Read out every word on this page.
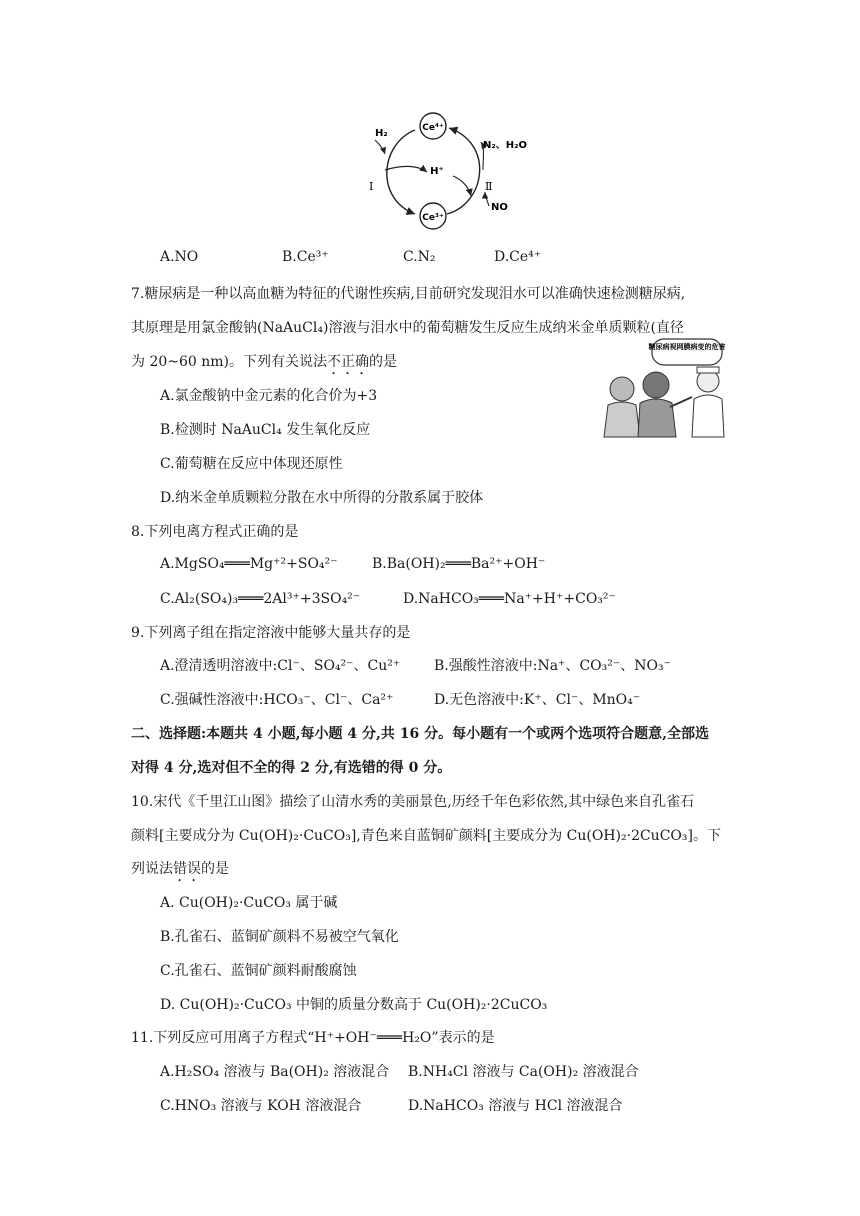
Ce⁴⁺
Ce³⁺
H⁺
H₂
Ⅰ	Ⅱ
N₂、H₂O
NO
A.NO	B.Ce³⁺	C.N₂	D.Ce⁴⁺
7.糖尿病是一种以高血糖为特征的代谢性疾病,目前研究发现泪水可以准确快速检测糖尿病,
其原理是用氯金酸钠(NaAuCl₄)溶液与泪水中的葡萄糖发生反应生成纳米金单质颗粒(直径
为 20~60 nm)。下列有关说法不正确的是
A.氯金酸钠中金元素的化合价为+3
B.检测时 NaAuCl₄ 发生氧化反应
C.葡萄糖在反应中体现还原性
D.纳米金单质颗粒分散在水中所得的分散系属于胶体
糖尿病视网膜病变的危害
8.下列电离方程式正确的是
A.MgSO₄═══Mg⁺²+SO₄²⁻ B.Ba(OH)₂═══Ba²⁺+OH⁻
C.Al₂(SO₄)₃═══2Al³⁺+3SO₄²⁻	D.NaHCO₃═══Na⁺+H⁺+CO₃²⁻
9.下列离子组在指定溶液中能够大量共存的是
A.澄清透明溶液中:Cl⁻、SO₄²⁻、Cu²⁺ B.强酸性溶液中:Na⁺、CO₃²⁻、NO₃⁻
C.强碱性溶液中:HCO₃⁻、Cl⁻、Ca²⁺	D.无色溶液中:K⁺、Cl⁻、MnO₄⁻
二、选择题:本题共 4 小题,每小题 4 分,共 16 分。每小题有一个或两个选项符合题意,全部选
对得 4 分,选对但不全的得 2 分,有选错的得 0 分。
10.宋代《千里江山图》描绘了山清水秀的美丽景色,历经千年色彩依然,其中绿色来自孔雀石
颜料[主要成分为 Cu(OH)₂·CuCO₃],青色来自蓝铜矿颜料[主要成分为 Cu(OH)₂·2CuCO₃]。下
列说法错误的是
A. Cu(OH)₂·CuCO₃ 属于碱
B.孔雀石、蓝铜矿颜料不易被空气氧化
C.孔雀石、蓝铜矿颜料耐酸腐蚀
D. Cu(OH)₂·CuCO₃ 中铜的质量分数高于 Cu(OH)₂·2CuCO₃
11.下列反应可用离子方程式“H⁺+OH⁻═══H₂O”表示的是
A.H₂SO₄ 溶液与 Ba(OH)₂ 溶液混合 B.NH₄Cl 溶液与 Ca(OH)₂ 溶液混合
C.HNO₃ 溶液与 KOH 溶液混合	D.NaHCO₃ 溶液与 HCl 溶液混合
